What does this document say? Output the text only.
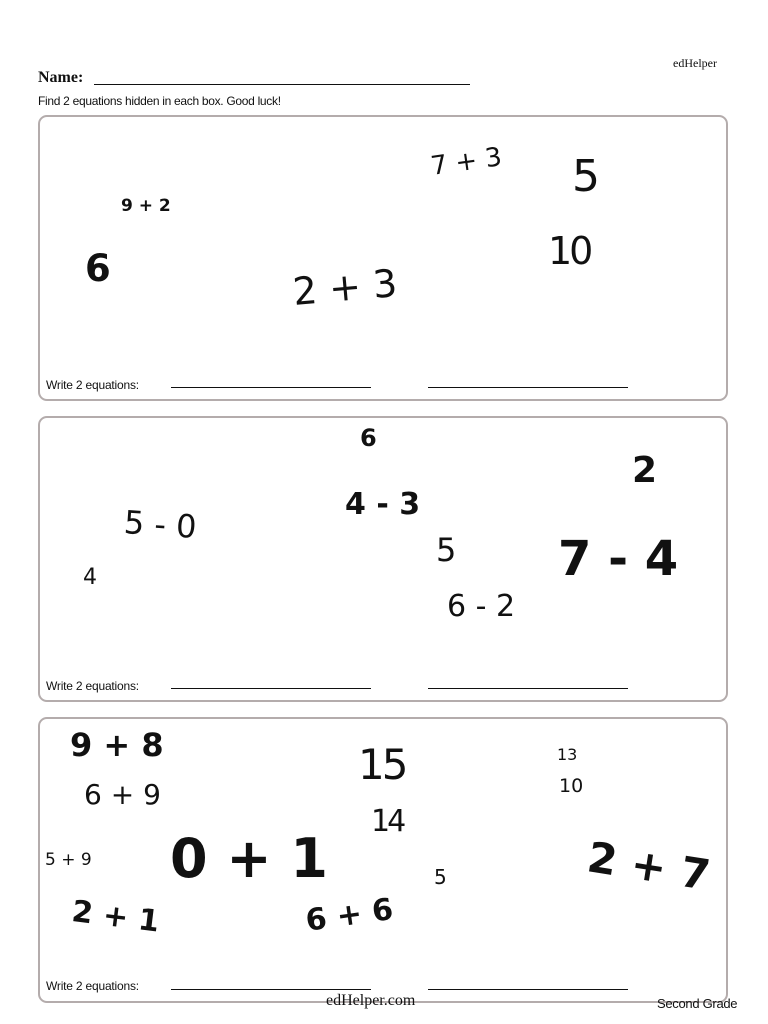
edHelper
Name:
Find 2 equations hidden in each box. Good luck!
9 + 2
6	2 + 3
7 + 3 5
10
Write 2 equations:
6
2
5 - 0	4 - 3
5 7 - 4
4
6 - 2
Write 2 equations:
9 + 8
6 + 9
15	13
10
14
5 + 9 0 + 1	2 + 7
5
2 + 1	6 + 6
Write 2 equations:
edHelper.com	Second Grade
